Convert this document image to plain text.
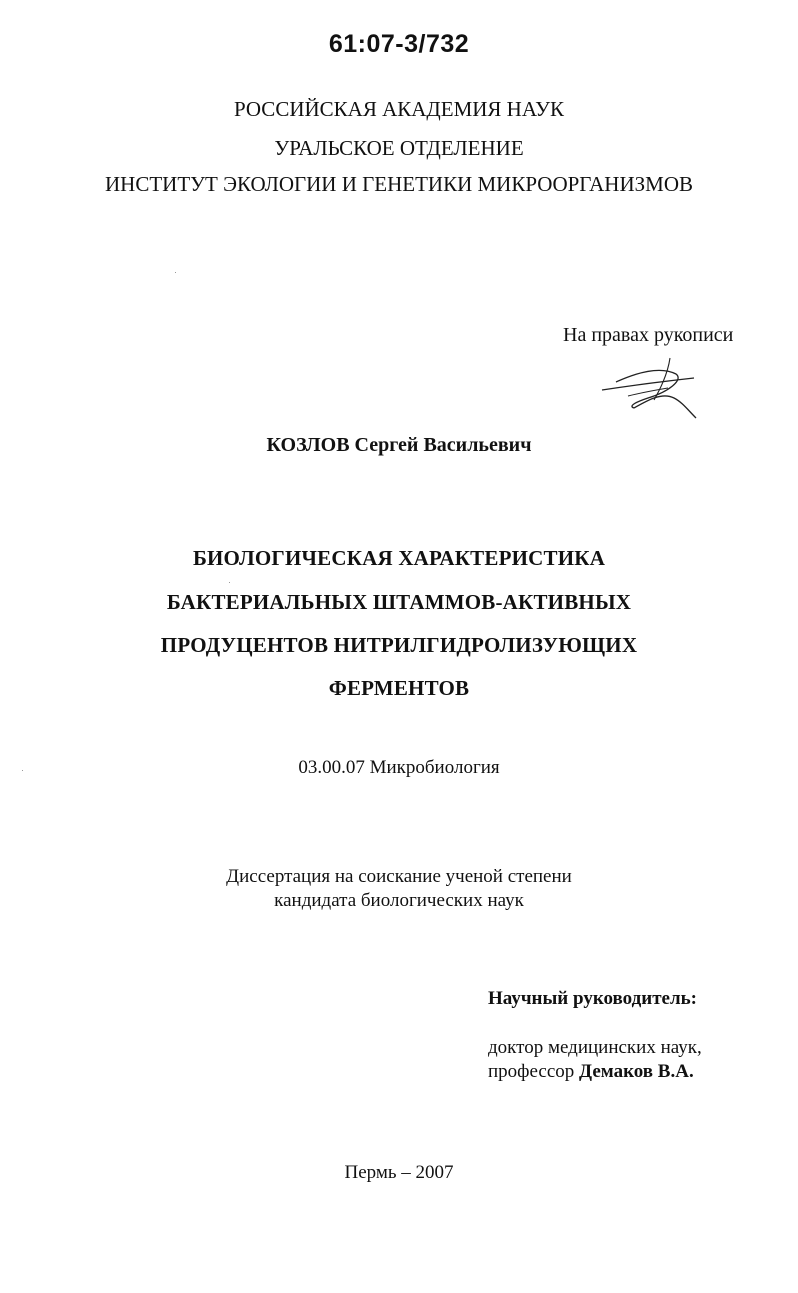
61:07-3/732
РОССИЙСКАЯ АКАДЕМИЯ НАУК
УРАЛЬСКОЕ ОТДЕЛЕНИЕ
ИНСТИТУТ ЭКОЛОГИИ И ГЕНЕТИКИ МИКРООРГАНИЗМОВ
На правах рукописи
КОЗЛОВ Сергей Васильевич
БИОЛОГИЧЕСКАЯ ХАРАКТЕРИСТИКА
БАКТЕРИАЛЬНЫХ ШТАММОВ-АКТИВНЫХ
ПРОДУЦЕНТОВ НИТРИЛГИДРОЛИЗУЮЩИХ
ФЕРМЕНТОВ
03.00.07 Микробиология
Диссертация на соискание ученой степени
кандидата биологических наук
Научный руководитель:
доктор медицинских наук,
профессор Демаков В.А.
Пермь – 2007
